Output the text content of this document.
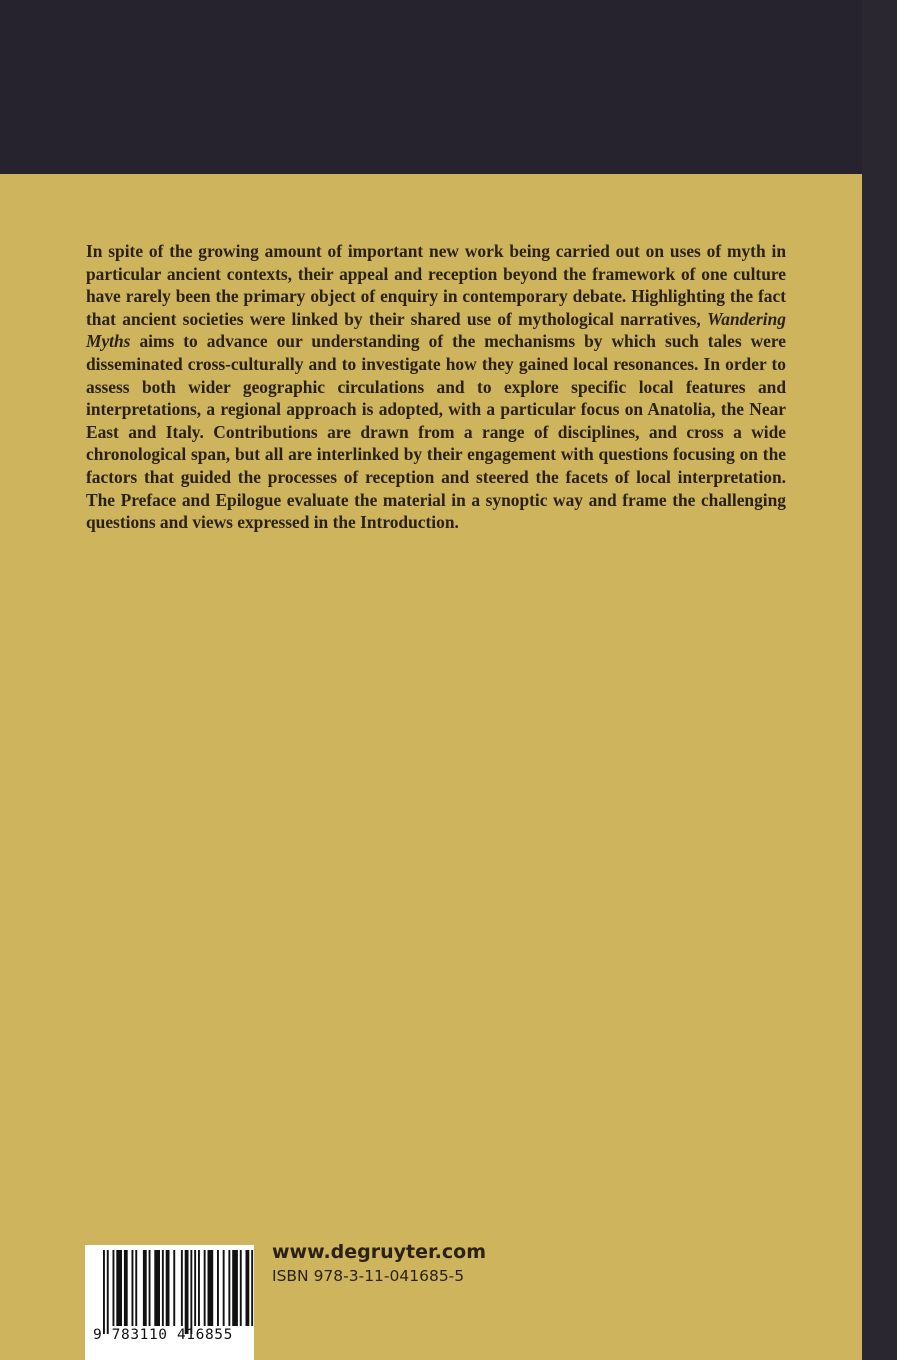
In spite of the growing amount of important new work being carried out on uses of myth in particular ancient contexts, their appeal and reception beyond the framework of one culture have rarely been the primary object of enquiry in contemporary debate. Highlighting the fact that ancient societies were linked by their shared use of mythological narratives, Wandering Myths aims to advance our understanding of the mechanisms by which such tales were disseminated cross-culturally and to investigate how they gained local resonances. In order to assess both wider geographic circulations and to explore specific local features and interpretations, a regional approach is adopted, with a particular focus on Anatolia, the Near East and Italy. Contributions are drawn from a range of disciplines, and cross a wide chronological span, but all are interlinked by their engagement with questions focusing on the factors that guided the processes of reception and steered the facets of local interpretation. The Preface and Epilogue evaluate the material in a synoptic way and frame the challenging questions and views expressed in the Introduction.

9 783110 416855
www.degruyter.com
ISBN 978-3-11-041685-5
